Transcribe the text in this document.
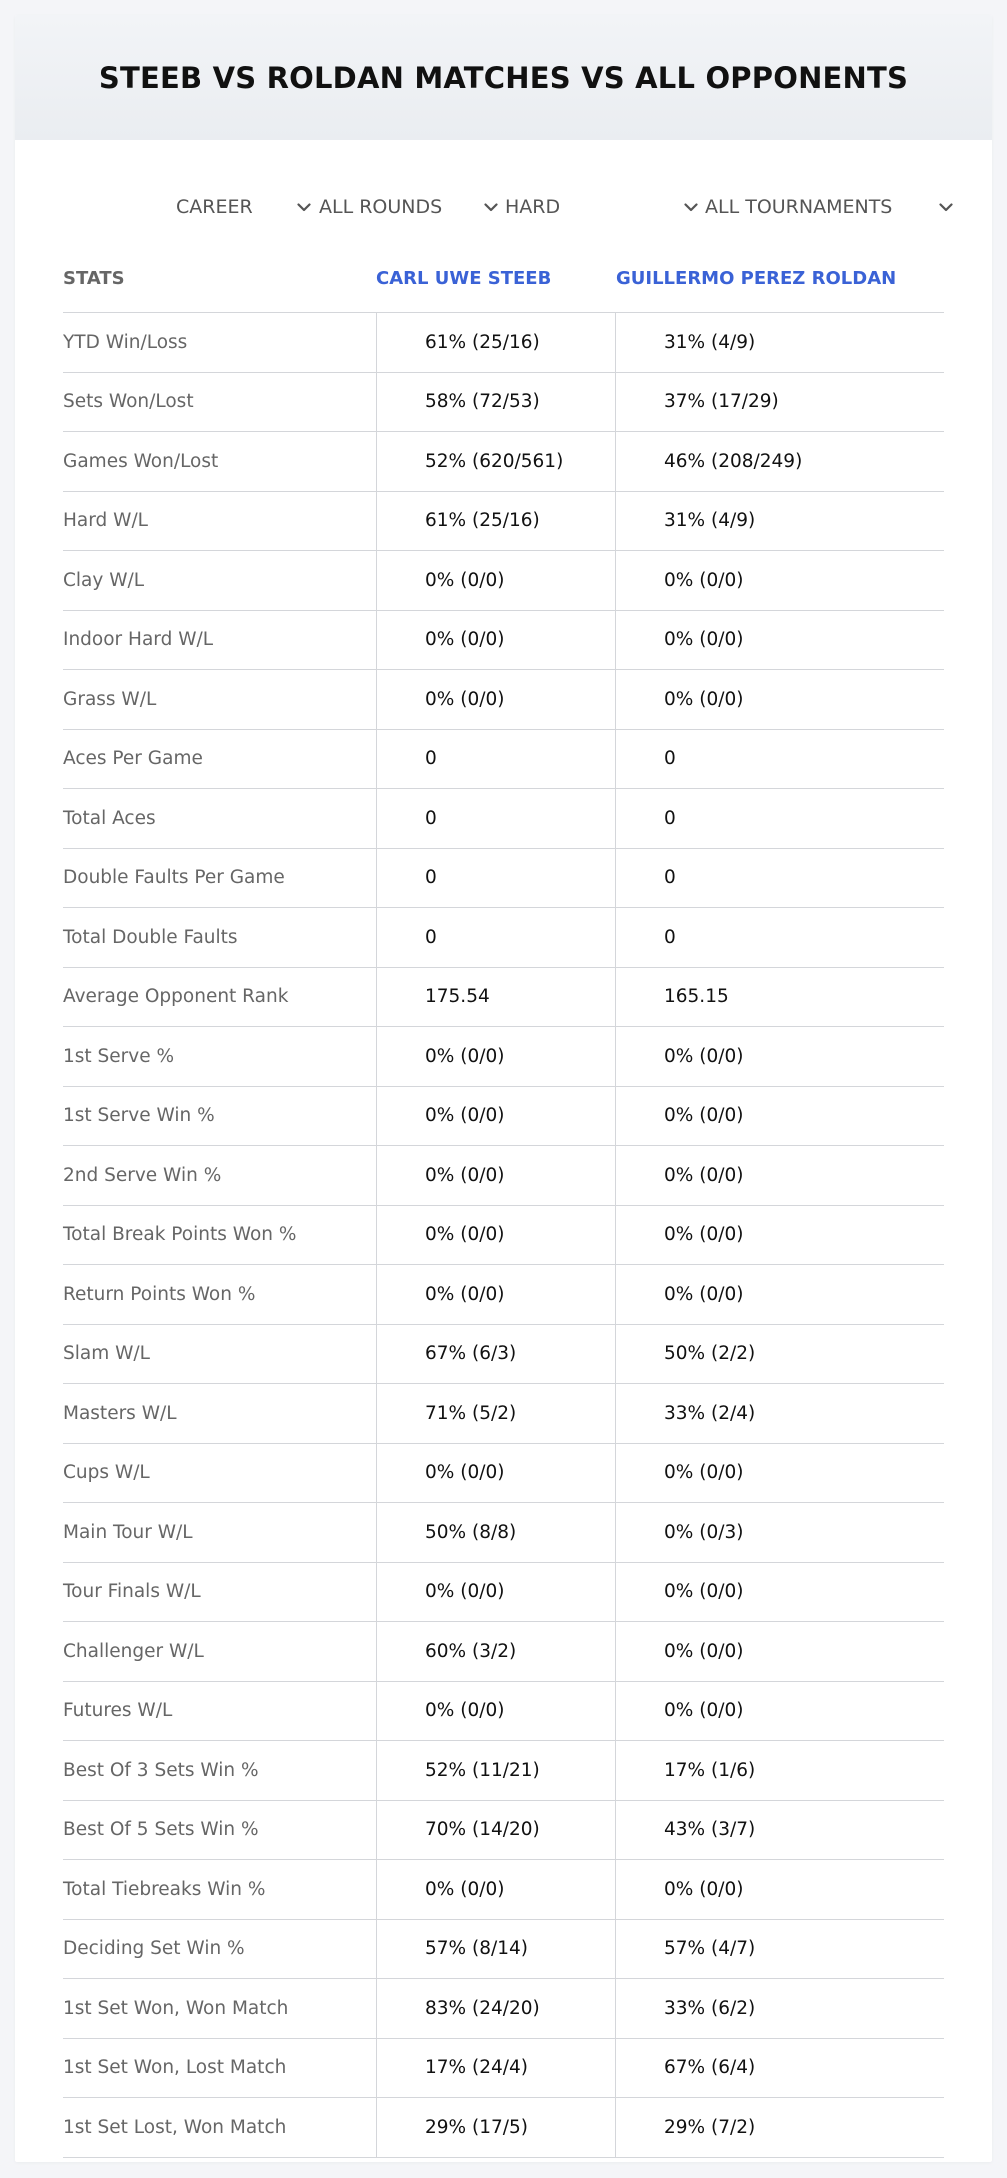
STEEB VS ROLDAN MATCHES VS ALL OPPONENTS
CAREER	ALL ROUNDS	HARD	ALL TOURNAMENTS
STATS	CARL UWE STEEB	GUILLERMO PEREZ ROLDAN
YTD Win/Loss	61% (25/16)	31% (4/9)
Sets Won/Lost	58% (72/53)	37% (17/29)
Games Won/Lost	52% (620/561)	46% (208/249)
Hard W/L	61% (25/16)	31% (4/9)
Clay W/L	0% (0/0)	0% (0/0)
Indoor Hard W/L	0% (0/0)	0% (0/0)
Grass W/L	0% (0/0)	0% (0/0)
Aces Per Game	0	0
Total Aces	0	0
Double Faults Per Game	0	0
Total Double Faults	0	0
Average Opponent Rank	175.54	165.15
1st Serve %	0% (0/0)	0% (0/0)
1st Serve Win %	0% (0/0)	0% (0/0)
2nd Serve Win %	0% (0/0)	0% (0/0)
Total Break Points Won %	0% (0/0)	0% (0/0)
Return Points Won %	0% (0/0)	0% (0/0)
Slam W/L	67% (6/3)	50% (2/2)
Masters W/L	71% (5/2)	33% (2/4)
Cups W/L	0% (0/0)	0% (0/0)
Main Tour W/L	50% (8/8)	0% (0/3)
Tour Finals W/L	0% (0/0)	0% (0/0)
Challenger W/L	60% (3/2)	0% (0/0)
Futures W/L	0% (0/0)	0% (0/0)
Best Of 3 Sets Win %	52% (11/21)	17% (1/6)
Best Of 5 Sets Win %	70% (14/20)	43% (3/7)
Total Tiebreaks Win %	0% (0/0)	0% (0/0)
Deciding Set Win %	57% (8/14)	57% (4/7)
1st Set Won, Won Match	83% (24/20)	33% (6/2)
1st Set Won, Lost Match	17% (24/4)	67% (6/4)
1st Set Lost, Won Match	29% (17/5)	29% (7/2)
